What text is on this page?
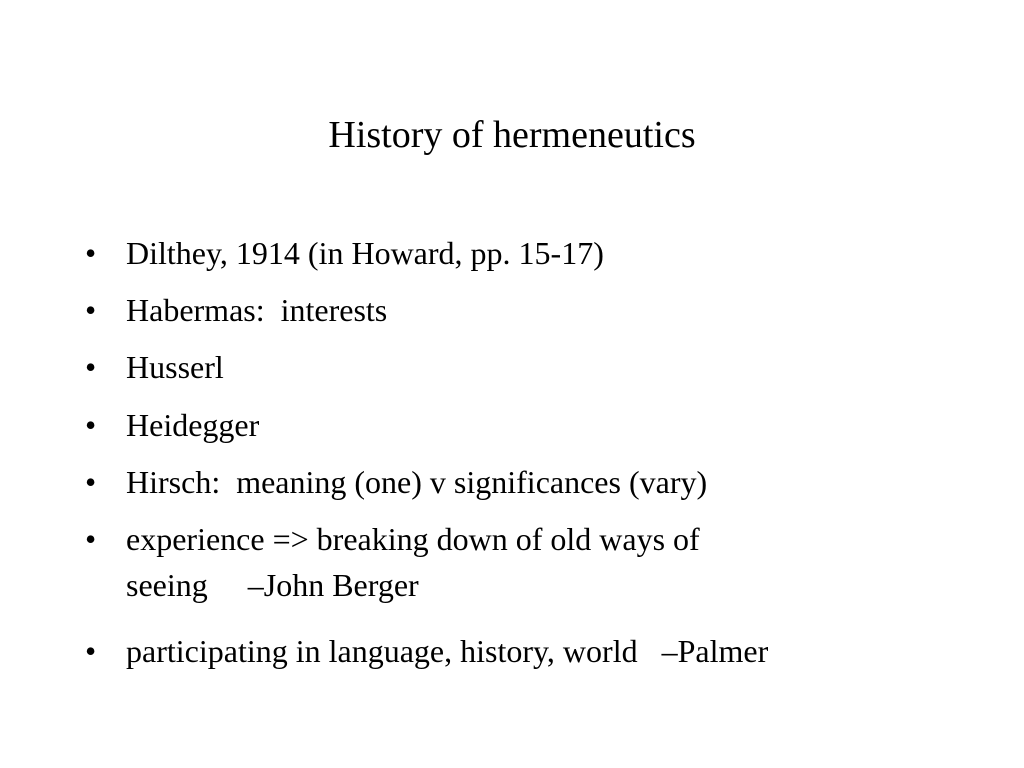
History of hermeneutics
• Dilthey, 1914 (in Howard, pp. 15-17)
• Habermas:  interests
• Husserl
• Heidegger
• Hirsch:  meaning (one) v significances (vary)
• experience => breaking down of old ways of
seeing     –John Berger
• participating in language, history, world   –Palmer
